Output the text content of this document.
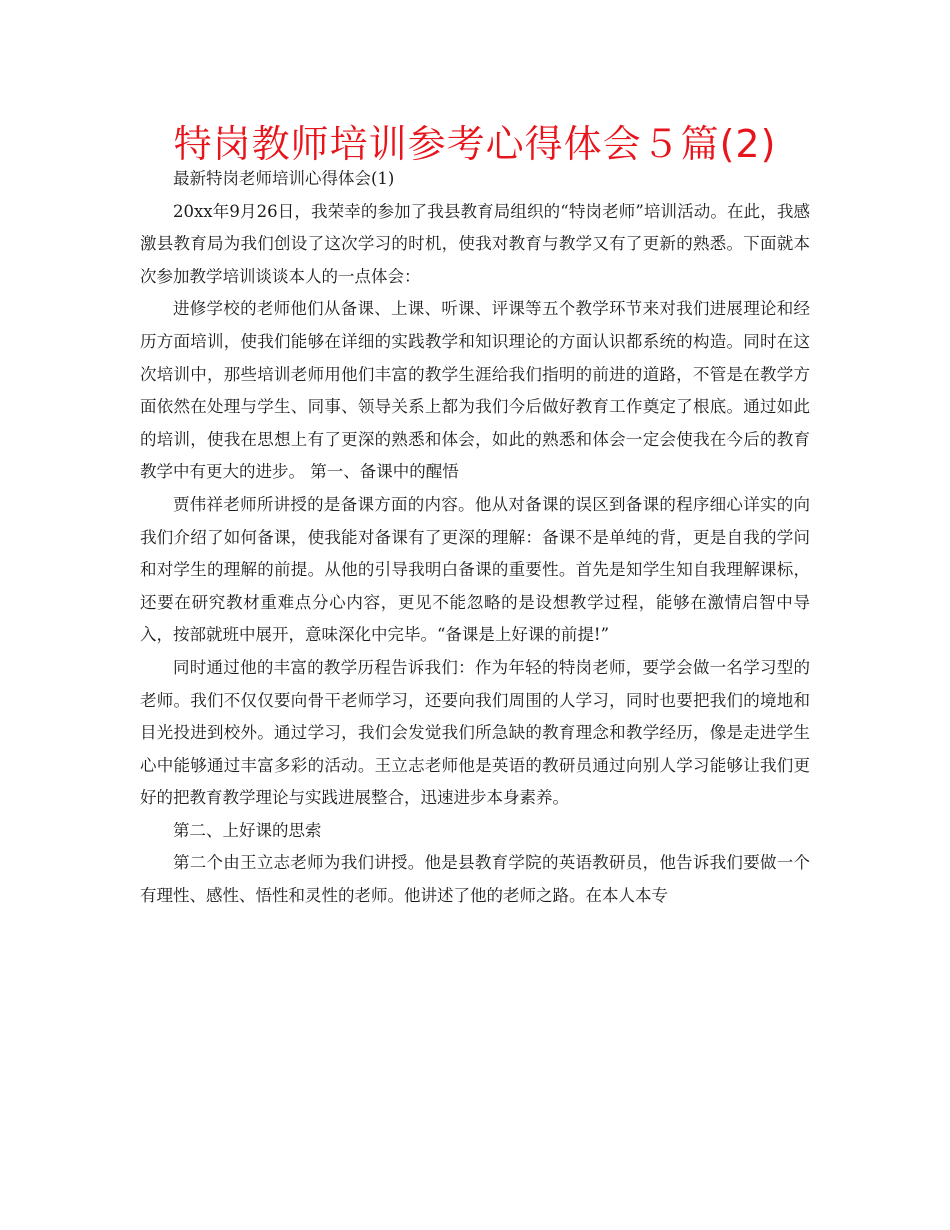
特岗教师培训参考心得体会５篇(2)

最新特岗老师培训心得体会(1)

20xx年9月26日，我荣幸的参加了我县教育局组织的“特岗老师”培训活动。在此，我感激县教育局为我们创设了这次学习的时机，使我对教育与教学又有了更新的熟悉。下面就本次参加教学培训谈谈本人的一点体会：

进修学校的老师他们从备课、上课、听课、评课等五个教学环节来对我们进展理论和经历方面培训，使我们能够在详细的实践教学和知识理论的方面认识都系统的构造。同时在这次培训中，那些培训老师用他们丰富的教学生涯给我们指明的前进的道路，不管是在教学方面依然在处理与学生、同事、领导关系上都为我们今后做好教育工作奠定了根底。通过如此的培训，使我在思想上有了更深的熟悉和体会，如此的熟悉和体会一定会使我在今后的教育教学中有更大的进步。 第一、备课中的醒悟

贾伟祥老师所讲授的是备课方面的内容。他从对备课的误区到备课的程序细心详实的向我们介绍了如何备课，使我能对备课有了更深的理解：备课不是单纯的背，更是自我的学问和对学生的理解的前提。从他的引导我明白备课的重要性。首先是知学生知自我理解课标，还要在研究教材重难点分心内容，更见不能忽略的是设想教学过程，能够在激情启智中导入，按部就班中展开，意味深化中完毕。“备课是上好课的前提!”

同时通过他的丰富的教学历程告诉我们：作为年轻的特岗老师，要学会做一名学习型的老师。我们不仅仅要向骨干老师学习，还要向我们周围的人学习，同时也要把我们的境地和目光投进到校外。通过学习，我们会发觉我们所急缺的教育理念和教学经历，像是走进学生心中能够通过丰富多彩的活动。王立志老师他是英语的教研员通过向别人学习能够让我们更好的把教育教学理论与实践进展整合，迅速进步本身素养。

第二、上好课的思索

第二个由王立志老师为我们讲授。他是县教育学院的英语教研员，他告诉我们要做一个有理性、感性、悟性和灵性的老师。他讲述了他的老师之路。在本人本专
